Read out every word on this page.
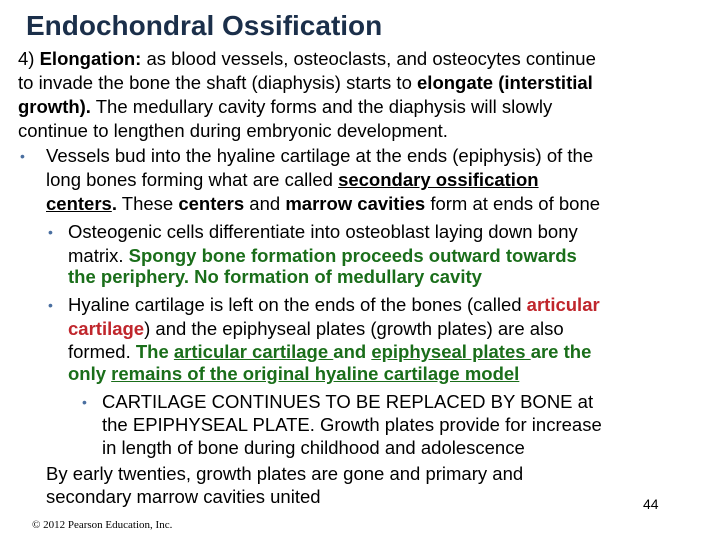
Endochondral Ossification
4) Elongation: as blood vessels, osteoclasts, and osteocytes continue
to invade the bone the shaft (diaphysis) starts to elongate (interstitial
growth). The medullary cavity forms and the diaphysis will slowly
continue to lengthen during embryonic development.
• Vessels bud into the hyaline cartilage at the ends (epiphysis) of the
long bones forming what are called secondary ossification
centers. These centers and marrow cavities form at ends of bone
• Osteogenic cells differentiate into osteoblast laying down bony
matrix. Spongy bone formation proceeds outward towards
the periphery. No formation of medullary cavity
• Hyaline cartilage is left on the ends of the bones (called articular
cartilage) and the epiphyseal plates (growth plates) are also
formed. The articular cartilage and epiphyseal plates are the
only remains of the original hyaline cartilage model
• CARTILAGE CONTINUES TO BE REPLACED BY BONE at
the EPIPHYSEAL PLATE. Growth plates provide for increase
in length of bone during childhood and adolescence
By early twenties, growth plates are gone and primary and
secondary marrow cavities united	44
© 2012 Pearson Education, Inc.
